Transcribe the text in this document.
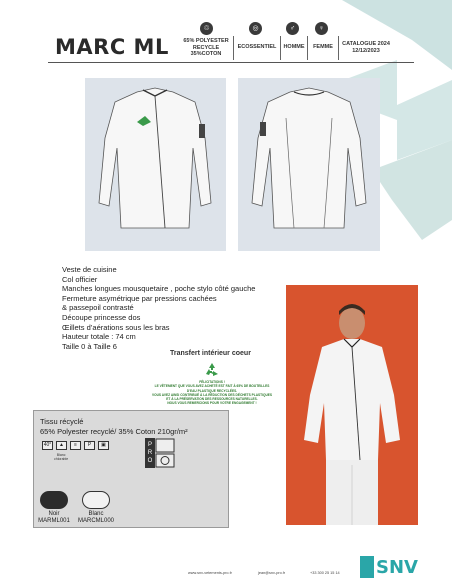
MARC ML
♲	◎	♂	♀
65% POLYESTER
RECYCLE
35%COTON
ECOSSENTIEL	HOMME	FEMME	CATALOGUE 2024
12/12/2023
Veste de cuisine
Col officier
Manches longues mousquetaire , poche stylo côté gauche
Fermeture asymétrique par pressions cachées
& passepoil contrasté
Découpe princesse dos
Œillets d’aérations sous les bras
Hauteur totale : 74 cm
Taille 0 à Taille 6
Transfert intérieur coeur
FÉLICITATIONS !
LE VÊTEMENT QUE VOUS AVEZ ACHETÉ EST FAIT À 65% DE BOUTEILLES
D'EAU PLASTIQUE RECYCLÉES.
VOUS AVEZ AINSI CONTRIBUÉ À LA RÉDUCTION DES DÉCHETS PLASTIQUES
ET À LA PRÉSERVATION DES RESSOURCES NATURELLES.
NOUS VOUS REMERCIONS POUR VOTRE ENGAGEMENT !
Tissu récyclé
65% Polyester recyclé/ 35% Coton 210gr/m²
40°	▲	≡	P	▣
Blanc
chlorable
P
R
O
Noir
MARML001
Blanc
MARCML000
www.snv-vetements-pro.fr	jean@snv-pro.fr	+33 300 25 15 14 SNV
